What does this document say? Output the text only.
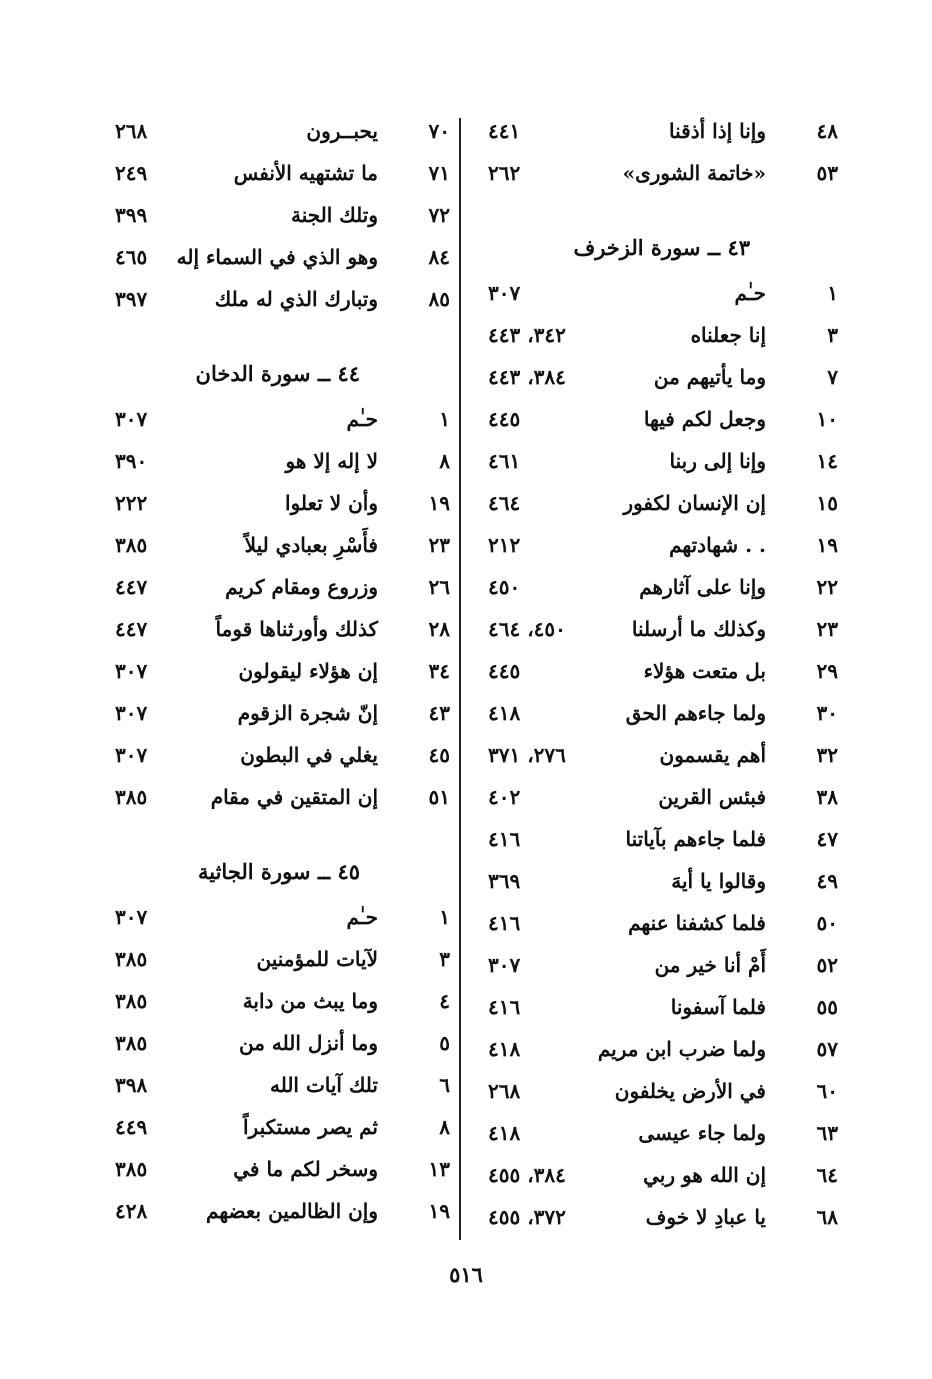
٤٨
وإنا إذا أذقنا
٤٤١
٥٣
«خاتمة الشورى»
٢٦٢
٤٣ ــ سورة الزخرف
١
حـٰم
٣٠٧
٣
إنا جعلناه
٣٤٢، ٤٤٣
٧
وما يأتيهم من
٣٨٤، ٤٤٣
١٠
وجعل لكم فيها
٤٤٥
١٤
وإنا إلى ربنا
٤٦١
١٥
إن الإنسان لكفور
٤٦٤
١٩
. . شهادتهم
٢١٢
٢٢
وإنا على آثارهم
٤٥٠
٢٣
وكذلك ما أرسلنا
٤٥٠، ٤٦٤
٢٩
بل متعت هؤلاء
٤٤٥
٣٠
ولما جاءهم الحق
٤١٨
٣٢
أهم يقسمون
٢٧٦، ٣٧١
٣٨
فبئس القرين
٤٠٢
٤٧
فلما جاءهم بآياتنا
٤١٦
٤٩
وقالوا يا أيهَ
٣٦٩
٥٠
فلما كشفنا عنهم
٤١٦
٥٢
أَمْ أنا خير من
٣٠٧
٥٥
فلما آسفونا
٤١٦
٥٧
ولما ضرب ابن مريم
٤١٨
٦٠
في الأرض يخلفون
٢٦٨
٦٣
ولما جاء عيسى
٤١٨
٦٤
إن الله هو ربي
٣٨٤، ٤٥٥
٦٨
يا عبادِ لا خوف
٣٧٢، ٤٥٥
٧٠
يحبــرون
٢٦٨
٧١
ما تشتهيه الأنفس
٢٤٩
٧٢
وتلك الجنة
٣٩٩
٨٤
وهو الذي في السماء إله
٤٦٥
٨٥
وتبارك الذي له ملك
٣٩٧
٤٤ ــ سورة الدخان
١
حـٰم
٣٠٧
٨
لا إله إلا هو
٣٩٠
١٩
وأن لا تعلوا
٢٢٢
٢٣
فأَسْرِ بعبادي ليلاً
٣٨٥
٢٦
وزروع ومقام كريم
٤٤٧
٢٨
كذلك وأورثناها قوماً
٤٤٧
٣٤
إن هؤلاء ليقولون
٣٠٧
٤٣
إنّ شجرة الزقوم
٣٠٧
٤٥
يغلي في البطون
٣٠٧
٥١
إن المتقين في مقام
٣٨٥
٤٥ ــ سورة الجاثية
١
حـٰم
٣٠٧
٣
لآيات للمؤمنين
٣٨٥
٤
وما يبث من دابة
٣٨٥
٥
وما أنزل الله من
٣٨٥
٦
تلك آيات الله
٣٩٨
٨
ثم يصر مستكبراً
٤٤٩
١٣
وسخر لكم ما في
٣٨٥
١٩
وإن الظالمين بعضهم
٤٢٨
٥١٦
